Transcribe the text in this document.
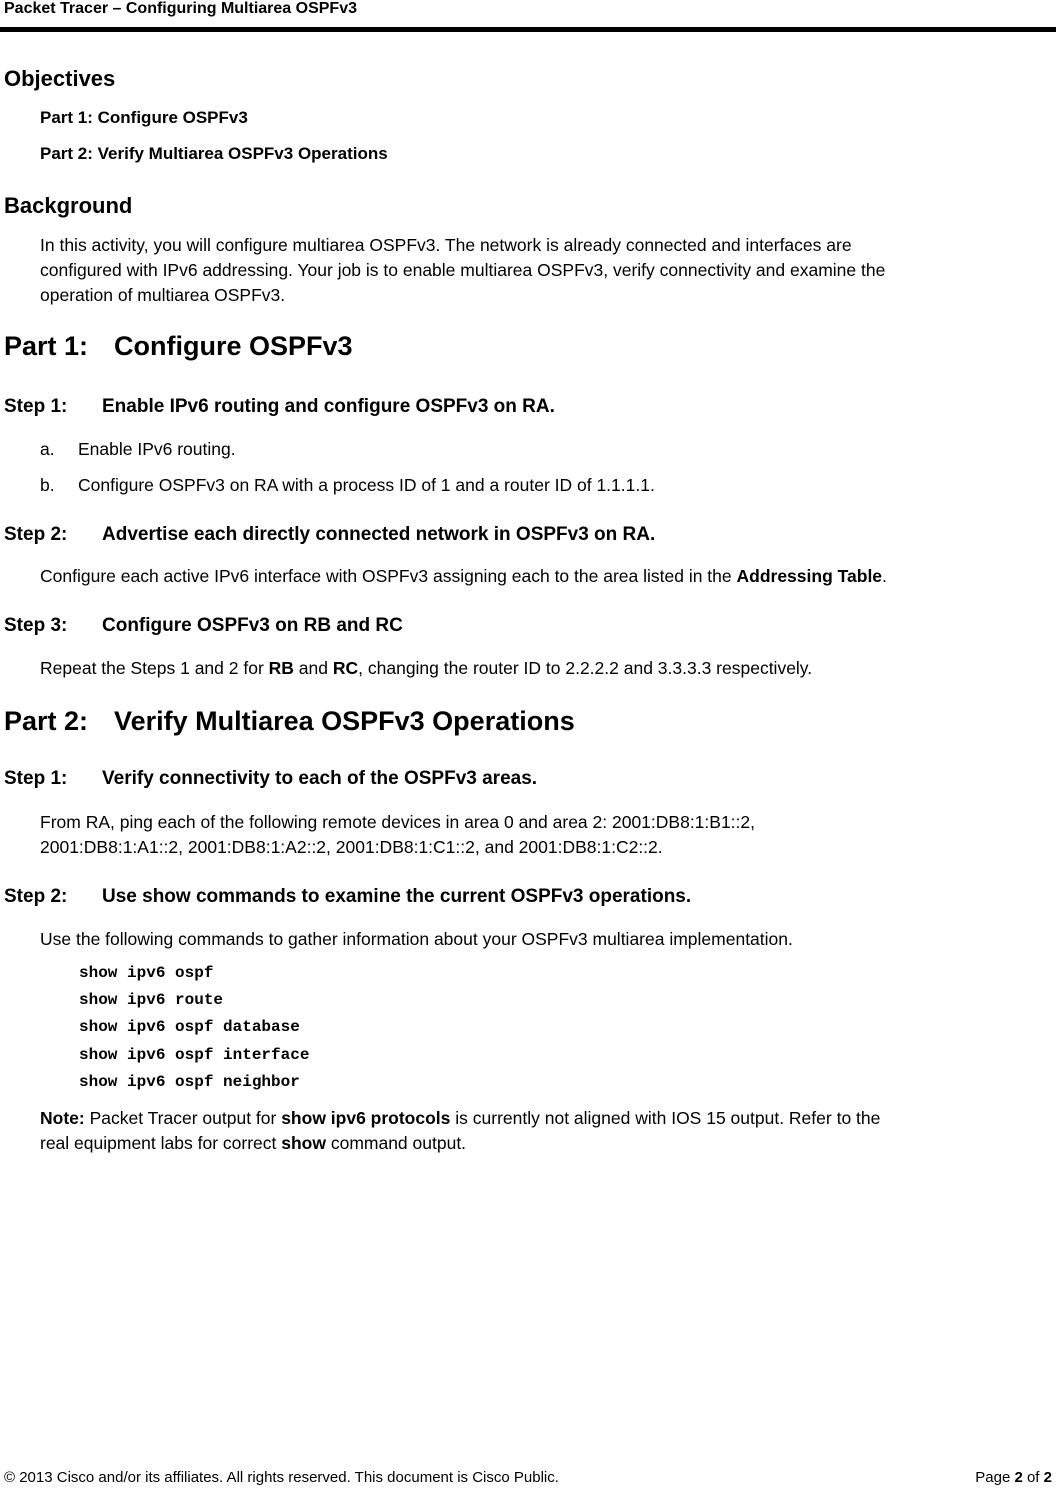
Packet Tracer – Configuring Multiarea OSPFv3
Objectives
Part 1: Configure OSPFv3
Part 2: Verify Multiarea OSPFv3 Operations
Background
In this activity, you will configure multiarea OSPFv3. The network is already connected and interfaces are
configured with IPv6 addressing. Your job is to enable multiarea OSPFv3, verify connectivity and examine the
operation of multiarea OSPFv3.
Part 1: Configure OSPFv3
Step 1: Enable IPv6 routing and configure OSPFv3 on RA.
a. Enable IPv6 routing.
b. Configure OSPFv3 on RA with a process ID of 1 and a router ID of 1.1.1.1.
Step 2: Advertise each directly connected network in OSPFv3 on RA.
Configure each active IPv6 interface with OSPFv3 assigning each to the area listed in the Addressing Table.
Step 3: Configure OSPFv3 on RB and RC
Repeat the Steps 1 and 2 for RB and RC, changing the router ID to 2.2.2.2 and 3.3.3.3 respectively.
Part 2: Verify Multiarea OSPFv3 Operations
Step 1: Verify connectivity to each of the OSPFv3 areas.
From RA, ping each of the following remote devices in area 0 and area 2: 2001:DB8:1:B1::2,
2001:DB8:1:A1::2, 2001:DB8:1:A2::2, 2001:DB8:1:C1::2, and 2001:DB8:1:C2::2.
Step 2: Use show commands to examine the current OSPFv3 operations.
Use the following commands to gather information about your OSPFv3 multiarea implementation.
show ipv6 ospf
show ipv6 route
show ipv6 ospf database
show ipv6 ospf interface
show ipv6 ospf neighbor
Note: Packet Tracer output for show ipv6 protocols is currently not aligned with IOS 15 output. Refer to the
real equipment labs for correct show command output.
© 2013 Cisco and/or its affiliates. All rights reserved. This document is Cisco Public.	Page 2 of 2
